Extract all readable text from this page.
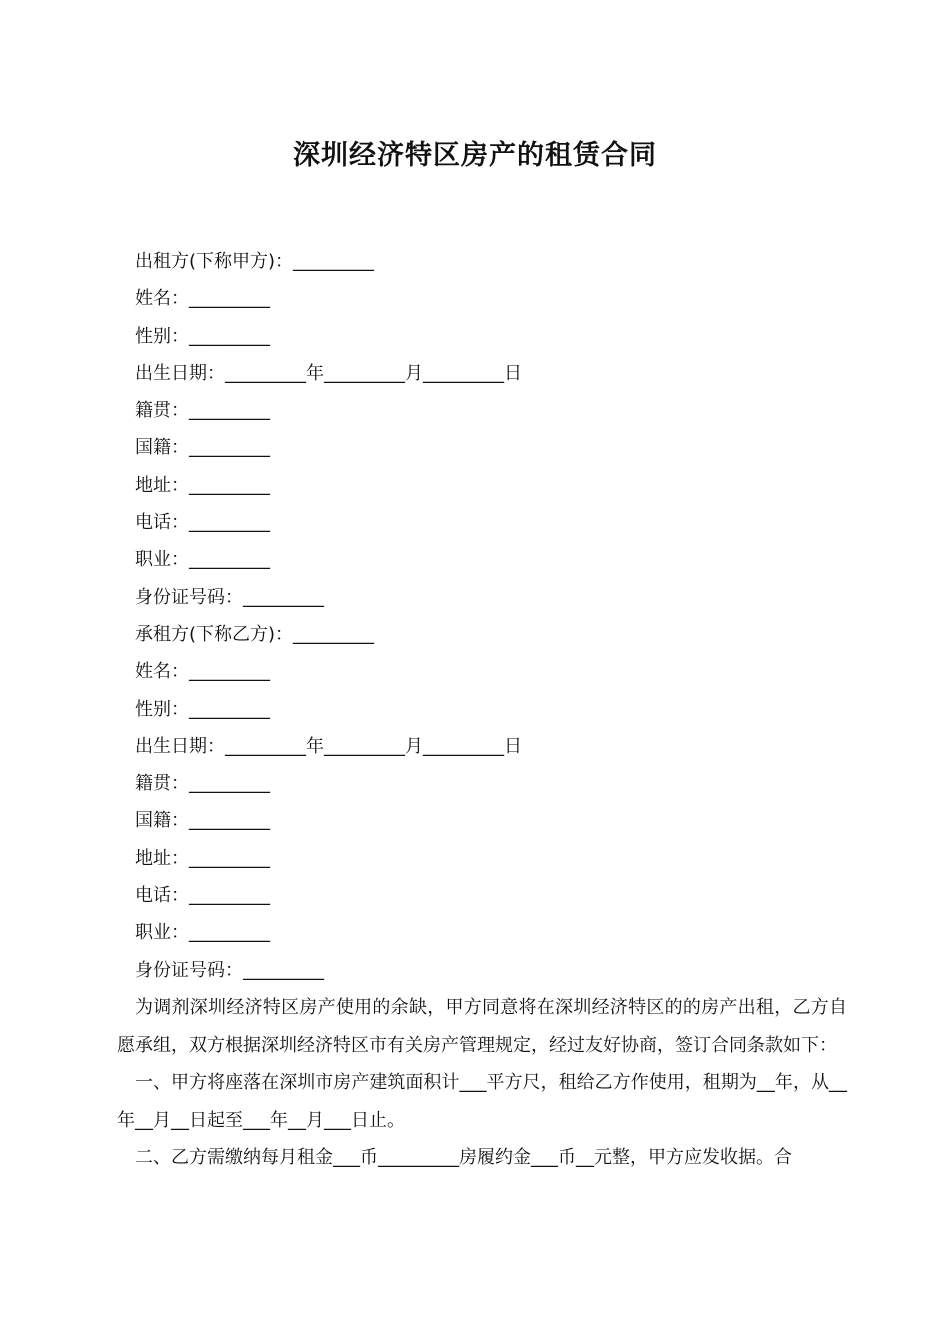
深圳经济特区房产的租赁合同
出租方(下称甲方)：_________
姓名：_________
性别：_________
出生日期：_________年_________月_________日
籍贯：_________
国籍：_________
地址：_________
电话：_________
职业：_________
身份证号码：_________
承租方(下称乙方)：_________
姓名：_________
性别：_________
出生日期：_________年_________月_________日
籍贯：_________
国籍：_________
地址：_________
电话：_________
职业：_________
身份证号码：_________

为调剂深圳经济特区房产使用的余缺，甲方同意将在深圳经济特区的的房产出租，乙方自愿承组，双方根据深圳经济特区市有关房产管理规定，经过友好协商，签订合同条款如下：

一、甲方将座落在深圳市房产建筑面积计___平方尺，租给乙方作使用，租期为__年，从__年__月__日起至___年__月___日止。

二、乙方需缴纳每月租金___币_________房履约金___币__元整，甲方应发收据。合
